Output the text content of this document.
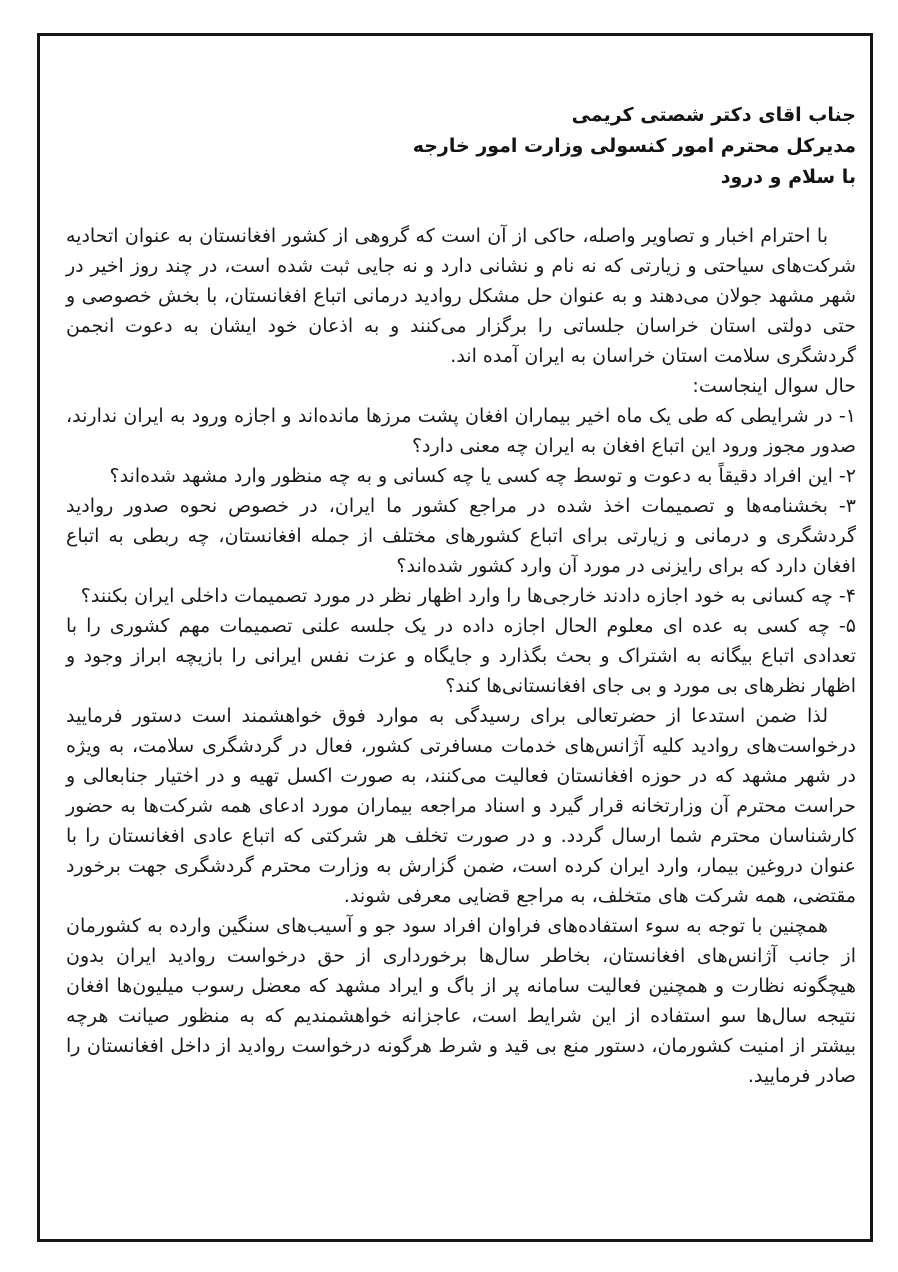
جناب اقای دکتر شصتی کریمی

مدیرکل محترم امور کنسولی وزارت امور خارجه

با سلام و درود

با احترام اخبار و تصاویر واصله، حاکی از آن است که گروهی از کشور افغانستان به عنوان اتحادیه شرکت‌های سیاحتی و زیارتی که نه نام و نشانی دارد و نه جایی ثبت شده است، در چند روز اخیر در شهر مشهد جولان می‌دهند و به عنوان حل مشکل روادید درمانی اتباع افغانستان، با بخش خصوصی و حتی دولتی استان خراسان جلساتی را برگزار می‌کنند و به اذعان خود ایشان به دعوت انجمن گردشگری سلامت استان خراسان به ایران آمده اند.

حال سوال اینجاست:

۱- در شرایطی که طی یک ماه اخیر بیماران افغان پشت مرزها مانده‌اند و اجازه ورود به ایران ندارند، صدور مجوز ورود این اتباع افغان به ایران چه معنی دارد؟

۲- این افراد دقیقاً به دعوت و توسط چه کسی یا چه کسانی و به چه منظور وارد مشهد شده‌اند؟

۳- بخشنامه‌ها و تصمیمات اخذ شده در مراجع کشور ما ایران، در خصوص نحوه صدور روادید گردشگری و درمانی و زیارتی برای اتباع کشورهای مختلف از جمله افغانستان، چه ربطی به اتباع افغان دارد که برای رایزنی در مورد آن وارد کشور شده‌اند؟

۴- چه کسانی به خود اجازه دادند خارجی‌ها را وارد اظهار نظر در مورد تصمیمات داخلی ایران بکنند؟

۵- چه کسی به عده ای معلوم الحال اجازه داده در یک جلسه علنی تصمیمات مهم کشوری را با تعدادی اتباع بیگانه به اشتراک و بحث بگذارد و جایگاه و عزت نفس ایرانی را بازیچه ابراز وجود و اظهار نظرهای بی مورد و بی جای افغانستانی‌ها کند؟

لذا ضمن استدعا از حضرتعالی برای رسیدگی به موارد فوق خواهشمند است دستور فرمایید درخواست‌های روادید کلیه آژانس‌های خدمات مسافرتی کشور، فعال در گردشگری سلامت، به ویژه در شهر مشهد که در حوزه افغانستان فعالیت می‌کنند، به صورت اکسل تهیه و در اختیار جنابعالی و حراست محترم آن وزارتخانه قرار گیرد و اسناد مراجعه بیماران مورد ادعای همه شرکت‌ها به حضور کارشناسان محترم شما ارسال گردد. و در صورت تخلف هر شرکتی که اتباع عادی افغانستان را با عنوان دروغین بیمار، وارد ایران کرده است، ضمن گزارش به وزارت محترم گردشگری جهت برخورد مقتضی، همه شرکت های متخلف، به مراجع قضایی معرفی شوند.

همچنین با توجه به سوء استفاده‌های فراوان افراد سود جو و آسیب‌های سنگین وارده به کشورمان از جانب آژانس‌های افغانستان، بخاطر سال‌ها برخورداری از حق درخواست روادید ایران بدون هیچگونه نظارت و همچنین فعالیت سامانه پر از باگ و ایراد مشهد که معضل رسوب میلیون‌ها افغان نتیجه سال‌ها سو استفاده از این شرایط است، عاجزانه خواهشمندیم که به منظور صیانت هرچه بیشتر از امنیت کشورمان، دستور منع بی قید و شرط هرگونه درخواست روادید از داخل افغانستان را صادر فرمایید.
